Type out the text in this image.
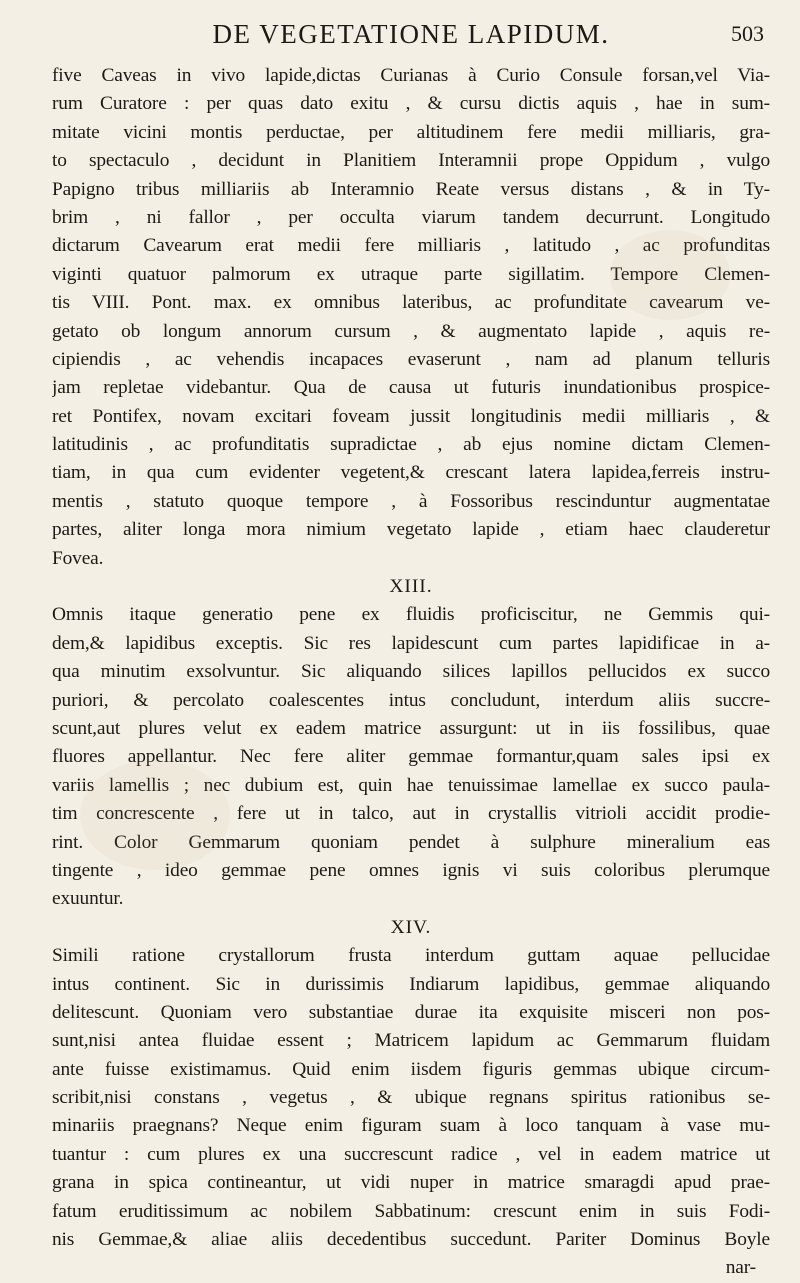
DE VEGETATIONE LAPIDUM.	503
five Caveas in vivo lapide,dictas Curianas à Curio Consule forsan,vel Via-
rum Curatore : per quas dato exitu , & cursu dictis aquis , hae in sum-
mitate vicini montis perductae, per altitudinem fere medii milliaris, gra-
to spectaculo , decidunt in Planitiem Interamnii prope Oppidum , vulgo
Papigno tribus milliariis ab Interamnio Reate versus distans , & in Ty-
brim , ni fallor , per occulta viarum tandem decurrunt. Longitudo
dictarum Cavearum erat medii fere milliaris , latitudo , ac profunditas
viginti quatuor palmorum ex utraque parte sigillatim. Tempore Clemen-
tis VIII. Pont. max. ex omnibus lateribus, ac profunditate cavearum ve-
getato ob longum annorum cursum , & augmentato lapide , aquis re-
cipiendis , ac vehendis incapaces evaserunt , nam ad planum telluris
jam repletae videbantur. Qua de causa ut futuris inundationibus prospice-
ret Pontifex, novam excitari foveam jussit longitudinis medii milliaris , &
latitudinis , ac profunditatis supradictae , ab ejus nomine dictam Clemen-
tiam, in qua cum evidenter vegetent,& crescant latera lapidea,ferreis instru-
mentis , statuto quoque tempore , à Fossoribus rescinduntur augmentatae
partes, aliter longa mora nimium vegetato lapide , etiam haec clauderetur
Fovea.
XIII.
Omnis itaque generatio pene ex fluidis proficiscitur, ne Gemmis qui-
dem,& lapidibus exceptis. Sic res lapidescunt cum partes lapidificae in a-
qua minutim exsolvuntur. Sic aliquando silices lapillos pellucidos ex succo
puriori, & percolato coalescentes intus concludunt, interdum aliis succre-
scunt,aut plures velut ex eadem matrice assurgunt: ut in iis fossilibus, quae
fluores appellantur. Nec fere aliter gemmae formantur,quam sales ipsi ex
variis lamellis ; nec dubium est, quin hae tenuissimae lamellae ex succo paula-
tim concrescente , fere ut in talco, aut in crystallis vitrioli accidit prodie-
rint. Color Gemmarum quoniam pendet à sulphure mineralium eas
tingente , ideo gemmae pene omnes ignis vi suis coloribus plerumque
exuuntur.
XIV.
Simili ratione crystallorum frusta interdum guttam aquae pellucidae
intus continent. Sic in durissimis Indiarum lapidibus, gemmae aliquando
delitescunt. Quoniam vero substantiae durae ita exquisite misceri non pos-
sunt,nisi antea fluidae essent ; Matricem lapidum ac Gemmarum fluidam
ante fuisse existimamus. Quid enim iisdem figuris gemmas ubique circum-
scribit,nisi constans , vegetus , & ubique regnans spiritus rationibus se-
minariis praegnans? Neque enim figuram suam à loco tanquam à vase mu-
tuantur : cum plures ex una succrescunt radice , vel in eadem matrice ut
grana in spica contineantur, ut vidi nuper in matrice smaragdi apud prae-
fatum eruditissimum ac nobilem Sabbatinum: crescunt enim in suis Fodi-
nis Gemmae,& aliae aliis decedentibus succedunt. Pariter Dominus Boyle
nar-
